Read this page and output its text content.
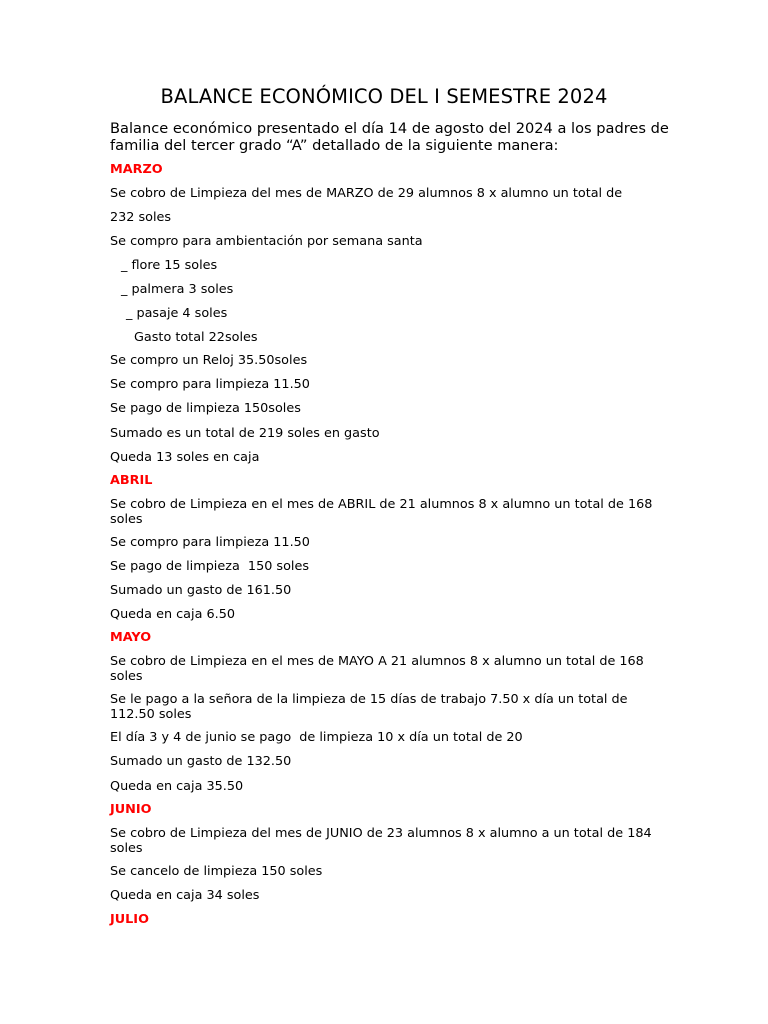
BALANCE ECONÓMICO DEL I SEMESTRE 2024
Balance económico presentado el día 14 de agosto del 2024 a los padres de familia del tercer grado “A” detallado de la siguiente manera:
MARZO
Se cobro de Limpieza del mes de MARZO de 29 alumnos 8 x alumno un total de
232 soles
Se compro para ambientación por semana santa
_ flore 15 soles
_ palmera 3 soles
_ pasaje 4 soles
Gasto total 22soles
Se compro un Reloj 35.50soles
Se compro para limpieza 11.50
Se pago de limpieza 150soles
Sumado es un total de 219 soles en gasto
Queda 13 soles en caja
ABRIL
Se cobro de Limpieza en el mes de ABRIL de 21 alumnos 8 x alumno un total de 168 soles
Se compro para limpieza 11.50
Se pago de limpieza  150 soles
Sumado un gasto de 161.50
Queda en caja 6.50
MAYO
Se cobro de Limpieza en el mes de MAYO A 21 alumnos 8 x alumno un total de 168 soles
Se le pago a la señora de la limpieza de 15 días de trabajo 7.50 x día un total de 112.50 soles
El día 3 y 4 de junio se pago  de limpieza 10 x día un total de 20
Sumado un gasto de 132.50
Queda en caja 35.50
JUNIO
Se cobro de Limpieza del mes de JUNIO de 23 alumnos 8 x alumno a un total de 184 soles
Se cancelo de limpieza 150 soles
Queda en caja 34 soles
JULIO
